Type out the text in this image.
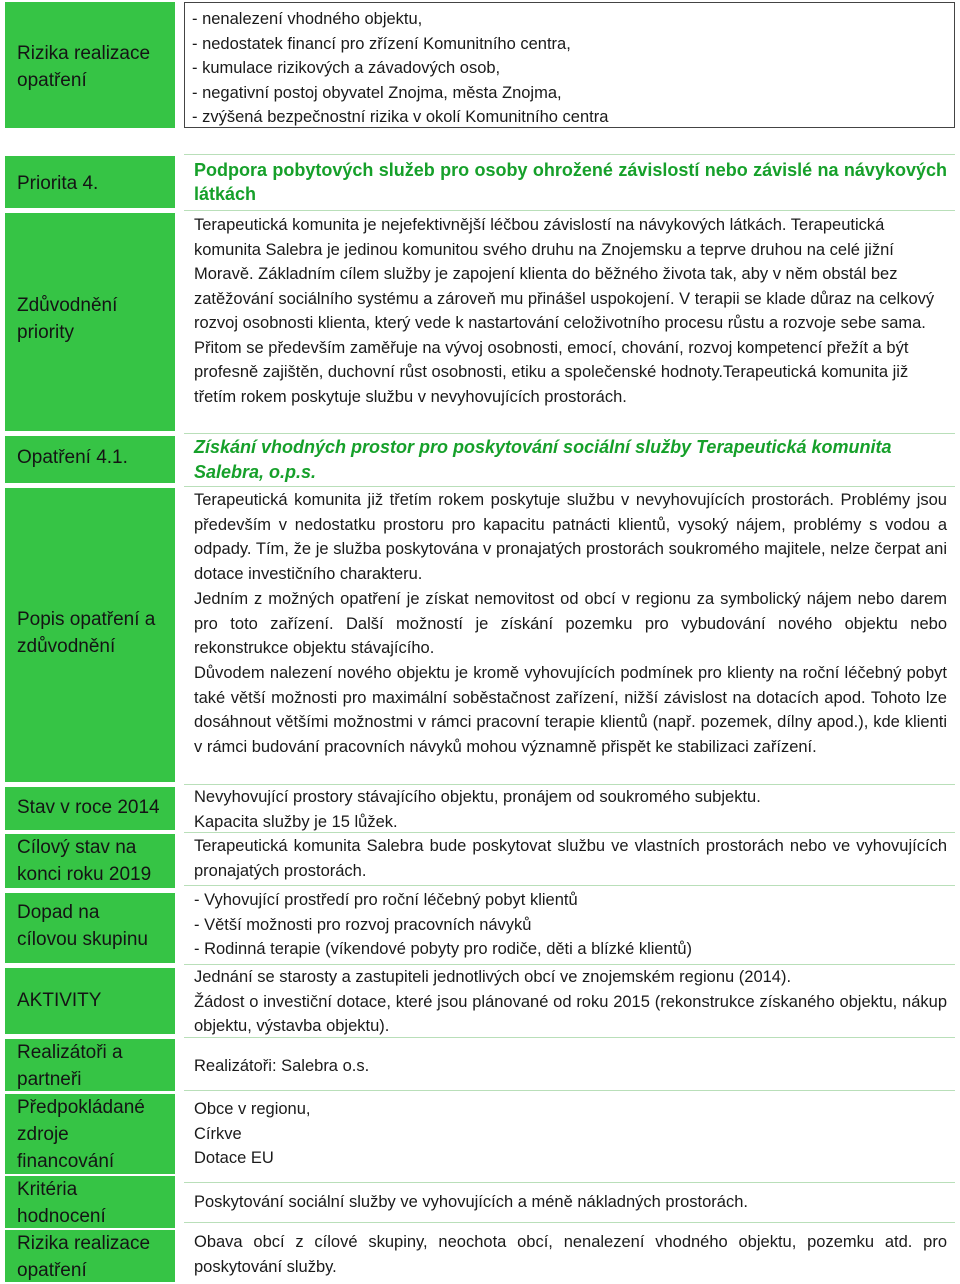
Rizika realizace opatření
- nenalezení vhodného objektu,
- nedostatek financí pro zřízení Komunitního centra,
- kumulace rizikových a závadových osob,
- negativní postoj obyvatel Znojma, města Znojma,
- zvýšená bezpečnostní rizika v okolí Komunitního centra
Priorita 4.
Zdůvodnění priority
Opatření 4.1.
Popis opatření a zdůvodnění
Stav v roce 2014
Cílový stav na konci roku 2019
Dopad na cílovou skupinu
AKTIVITY
Realizátoři a partneři
Předpokládané zdroje financování
Kritéria hodnocení
Rizika realizace opatření
Podpora pobytových služeb pro osoby ohrožené závislostí nebo závislé na návykových látkách
Terapeutická komunita je nejefektivnější léčbou závislostí na návykových látkách. Terapeutická komunita Salebra je jedinou komunitou svého druhu na Znojemsku a teprve druhou na celé jižní Moravě. Základním cílem služby je zapojení klienta do běžného života tak, aby v něm obstál bez zatěžování sociálního systému a zároveň mu přinášel uspokojení. V terapii se klade důraz na celkový rozvoj osobnosti klienta, který vede k nastartování celoživotního procesu růstu a rozvoje sebe sama. Přitom se především zaměřuje na vývoj osobnosti, emocí, chování, rozvoj kompetencí přežít a být profesně zajištěn, duchovní růst osobnosti, etiku a společenské hodnoty.Terapeutická komunita již třetím rokem poskytuje službu v nevyhovujících prostorách.
Získání vhodných prostor pro poskytování sociální služby Terapeutická komunita Salebra, o.p.s.
Terapeutická komunita již třetím rokem poskytuje službu v nevyhovujících prostorách. Problémy jsou především v nedostatku prostoru pro kapacitu patnácti klientů, vysoký nájem, problémy s vodou a odpady. Tím, že je služba poskytována v pronajatých prostorách soukromého majitele, nelze čerpat ani dotace investičního charakteru.
Jedním z možných opatření je získat nemovitost od obcí v regionu za symbolický nájem nebo darem pro toto zařízení. Další možností je získání pozemku pro vybudování nového objektu nebo rekonstrukce objektu stávajícího.
Důvodem nalezení nového objektu je kromě vyhovujících podmínek pro klienty na roční léčebný pobyt také větší možnosti pro maximální soběstačnost zařízení, nižší závislost na dotacích apod. Tohoto lze dosáhnout většími možnostmi v rámci pracovní terapie klientů (např. pozemek, dílny apod.), kde klienti v rámci budování pracovních návyků mohou významně přispět ke stabilizaci zařízení.
Nevyhovující prostory stávajícího objektu, pronájem od soukromého subjektu.
Kapacita služby je 15 lůžek.
Terapeutická komunita Salebra bude poskytovat službu ve vlastních prostorách nebo ve vyhovujících pronajatých prostorách.
- Vyhovující prostředí pro roční léčebný pobyt klientů
- Větší možnosti pro rozvoj pracovních návyků
- Rodinná terapie (víkendové pobyty pro rodiče, děti a blízké klientů)
Jednání se starosty a zastupiteli jednotlivých obcí ve znojemském regionu (2014).
Žádost o investiční dotace, které jsou plánované od roku 2015 (rekonstrukce získaného objektu, nákup objektu, výstavba objektu).
Realizátoři: Salebra o.s.
Obce v regionu,
Církve
Dotace EU
Poskytování sociální služby ve vyhovujících a méně nákladných prostorách.
Obava obcí z cílové skupiny, neochota obcí, nenalezení vhodného objektu, pozemku atd. pro poskytování služby.
